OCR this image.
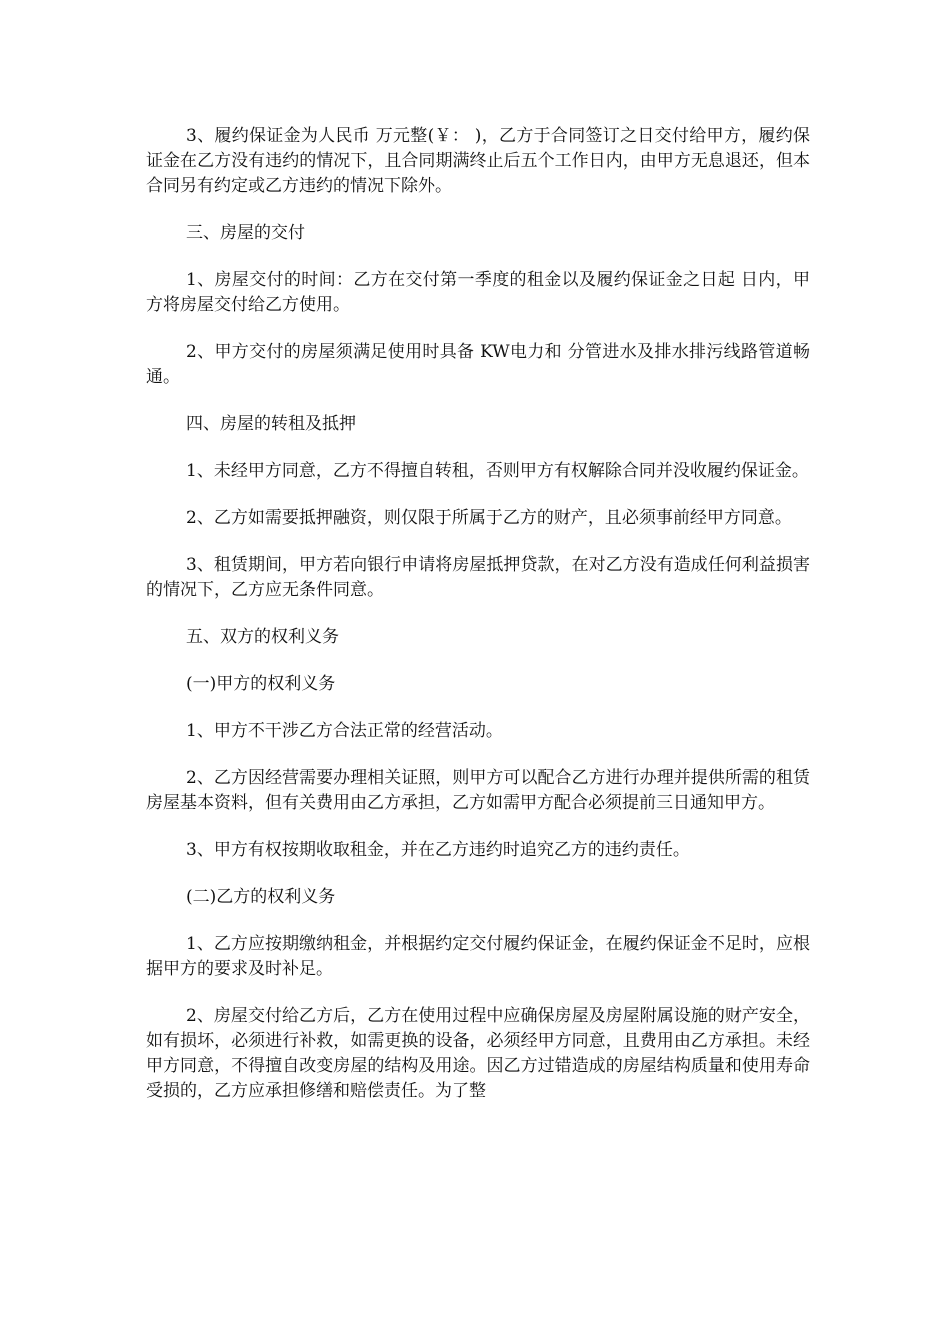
3、履约保证金为人民币 万元整(￥： )，乙方于合同签订之日交付给甲方，履约保证金在乙方没有违约的情况下，且合同期满终止后五个工作日内，由甲方无息退还，但本合同另有约定或乙方违约的情况下除外。

三、房屋的交付

1、房屋交付的时间：乙方在交付第一季度的租金以及履约保证金之日起 日内，甲方将房屋交付给乙方使用。

2、甲方交付的房屋须满足使用时具备 KW电力和 分管进水及排水排污线路管道畅通。

四、房屋的转租及抵押

1、未经甲方同意，乙方不得擅自转租，否则甲方有权解除合同并没收履约保证金。

2、乙方如需要抵押融资，则仅限于所属于乙方的财产，且必须事前经甲方同意。

3、租赁期间，甲方若向银行申请将房屋抵押贷款，在对乙方没有造成任何利益损害的情况下，乙方应无条件同意。

五、双方的权利义务

(一)甲方的权利义务

1、甲方不干涉乙方合法正常的经营活动。

2、乙方因经营需要办理相关证照，则甲方可以配合乙方进行办理并提供所需的租赁房屋基本资料，但有关费用由乙方承担，乙方如需甲方配合必须提前三日通知甲方。

3、甲方有权按期收取租金，并在乙方违约时追究乙方的违约责任。

(二)乙方的权利义务

1、乙方应按期缴纳租金，并根据约定交付履约保证金，在履约保证金不足时，应根据甲方的要求及时补足。

2、房屋交付给乙方后，乙方在使用过程中应确保房屋及房屋附属设施的财产安全，如有损坏，必须进行补救，如需更换的设备，必须经甲方同意，且费用由乙方承担。未经甲方同意，不得擅自改变房屋的结构及用途。因乙方过错造成的房屋结构质量和使用寿命受损的，乙方应承担修缮和赔偿责任。为了整
